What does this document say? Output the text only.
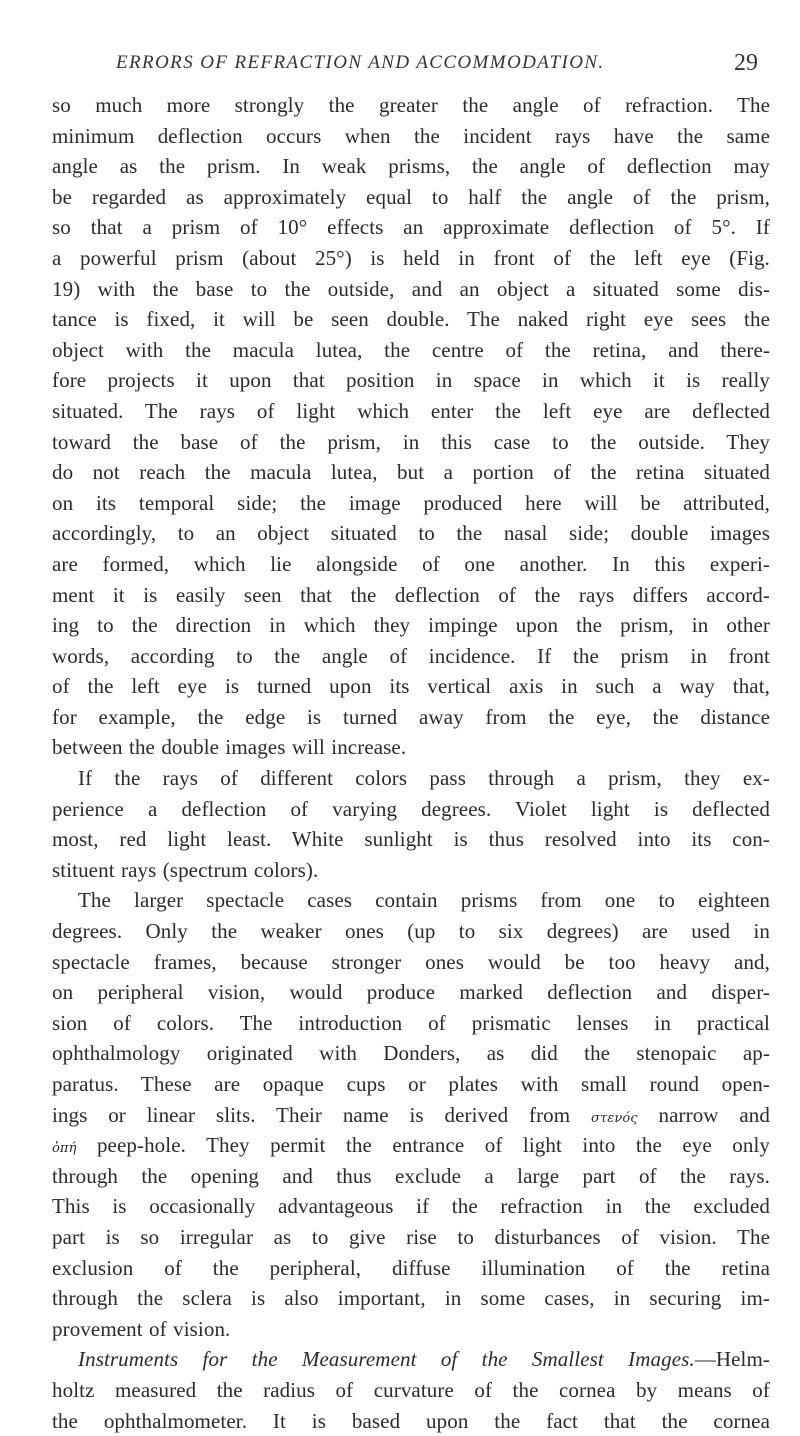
ERRORS OF REFRACTION AND ACCOMMODATION.	29
so much more strongly the greater the angle of refraction. The
minimum deflection occurs when the incident rays have the same
angle as the prism. In weak prisms, the angle of deflection may
be regarded as approximately equal to half the angle of the prism,
so that a prism of 10° effects an approximate deflection of 5°. If
a powerful prism (about 25°) is held in front of the left eye (Fig.
19) with the base to the outside, and an object a situated some dis-
tance is fixed, it will be seen double. The naked right eye sees the
object with the macula lutea, the centre of the retina, and there-
fore projects it upon that position in space in which it is really
situated. The rays of light which enter the left eye are deflected
toward the base of the prism, in this case to the outside. They
do not reach the macula lutea, but a portion of the retina situated
on its temporal side; the image produced here will be attributed,
accordingly, to an object situated to the nasal side; double images
are formed, which lie alongside of one another. In this experi-
ment it is easily seen that the deflection of the rays differs accord-
ing to the direction in which they impinge upon the prism, in other
words, according to the angle of incidence. If the prism in front
of the left eye is turned upon its vertical axis in such a way that,
for example, the edge is turned away from the eye, the distance
between the double images will increase.
If the rays of different colors pass through a prism, they ex-
perience a deflection of varying degrees. Violet light is deflected
most, red light least. White sunlight is thus resolved into its con-
stituent rays (spectrum colors).
The larger spectacle cases contain prisms from one to eighteen
degrees. Only the weaker ones (up to six degrees) are used in
spectacle frames, because stronger ones would be too heavy and,
on peripheral vision, would produce marked deflection and disper-
sion of colors. The introduction of prismatic lenses in practical
ophthalmology originated with Donders, as did the stenopaic ap-
paratus. These are opaque cups or plates with small round open-
ings or linear slits. Their name is derived from στενός narrow and
ὀπή peep-hole. They permit the entrance of light into the eye only
through the opening and thus exclude a large part of the rays.
This is occasionally advantageous if the refraction in the excluded
part is so irregular as to give rise to disturbances of vision. The
exclusion of the peripheral, diffuse illumination of the retina
through the sclera is also important, in some cases, in securing im-
provement of vision.
Instruments for the Measurement of the Smallest Images.—Helm-
holtz measured the radius of curvature of the cornea by means of
the ophthalmometer. It is based upon the fact that the cornea
